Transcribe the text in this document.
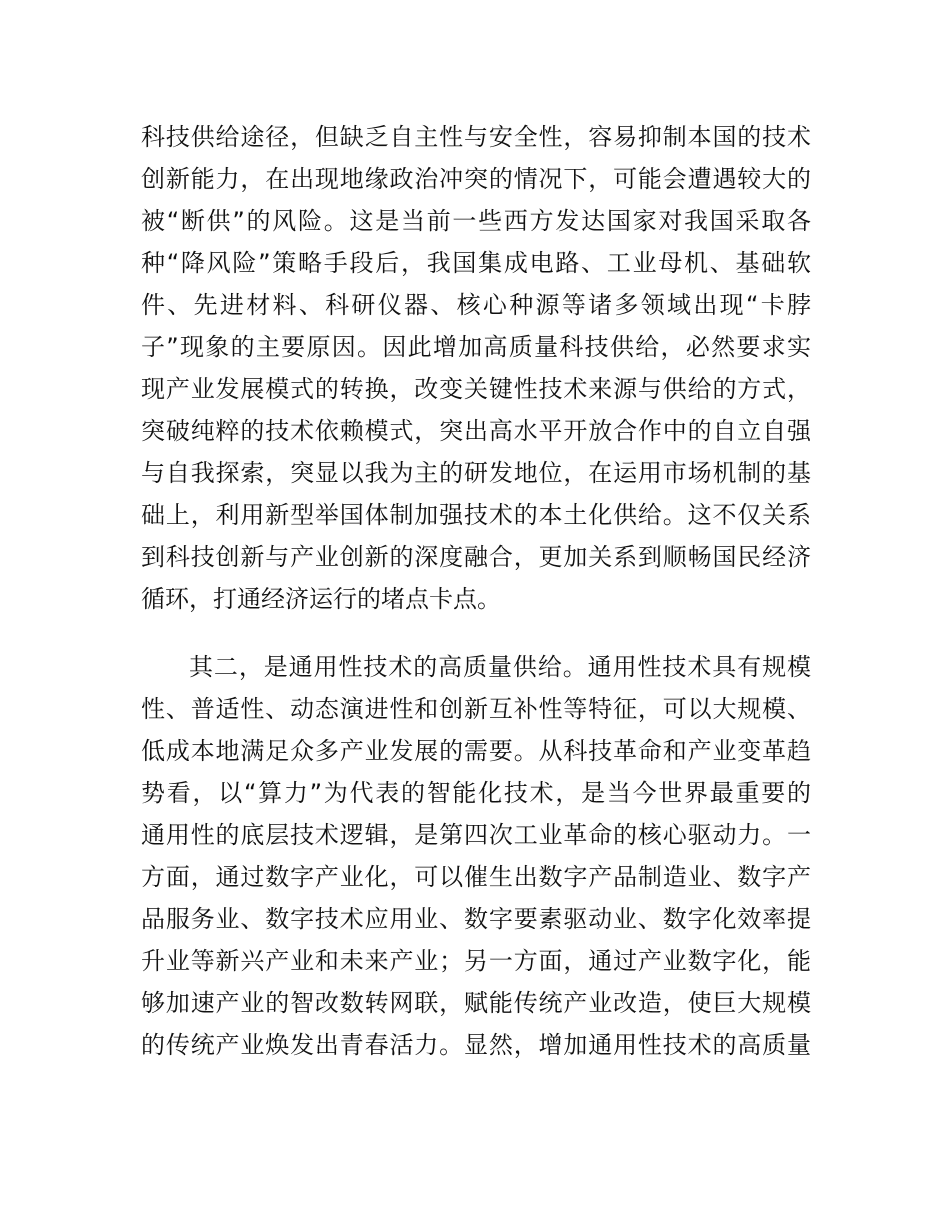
科技供给途径，但缺乏自主性与安全性，容易抑制本国的技术
创新能力，在出现地缘政治冲突的情况下，可能会遭遇较大的
被“断供”的风险。这是当前一些西方发达国家对我国采取各
种“降风险”策略手段后，我国集成电路、工业母机、基础软
件、先进材料、科研仪器、核心种源等诸多领域出现“卡脖
子”现象的主要原因。因此增加高质量科技供给，必然要求实
现产业发展模式的转换，改变关键性技术来源与供给的方式，
突破纯粹的技术依赖模式，突出高水平开放合作中的自立自强
与自我探索，突显以我为主的研发地位，在运用市场机制的基
础上，利用新型举国体制加强技术的本土化供给。这不仅关系
到科技创新与产业创新的深度融合，更加关系到顺畅国民经济
循环，打通经济运行的堵点卡点。
其二，是通用性技术的高质量供给。通用性技术具有规模
性、普适性、动态演进性和创新互补性等特征，可以大规模、
低成本地满足众多产业发展的需要。从科技革命和产业变革趋
势看，以“算力”为代表的智能化技术，是当今世界最重要的
通用性的底层技术逻辑，是第四次工业革命的核心驱动力。一
方面，通过数字产业化，可以催生出数字产品制造业、数字产
品服务业、数字技术应用业、数字要素驱动业、数字化效率提
升业等新兴产业和未来产业；另一方面，通过产业数字化，能
够加速产业的智改数转网联，赋能传统产业改造，使巨大规模
的传统产业焕发出青春活力。显然，增加通用性技术的高质量
